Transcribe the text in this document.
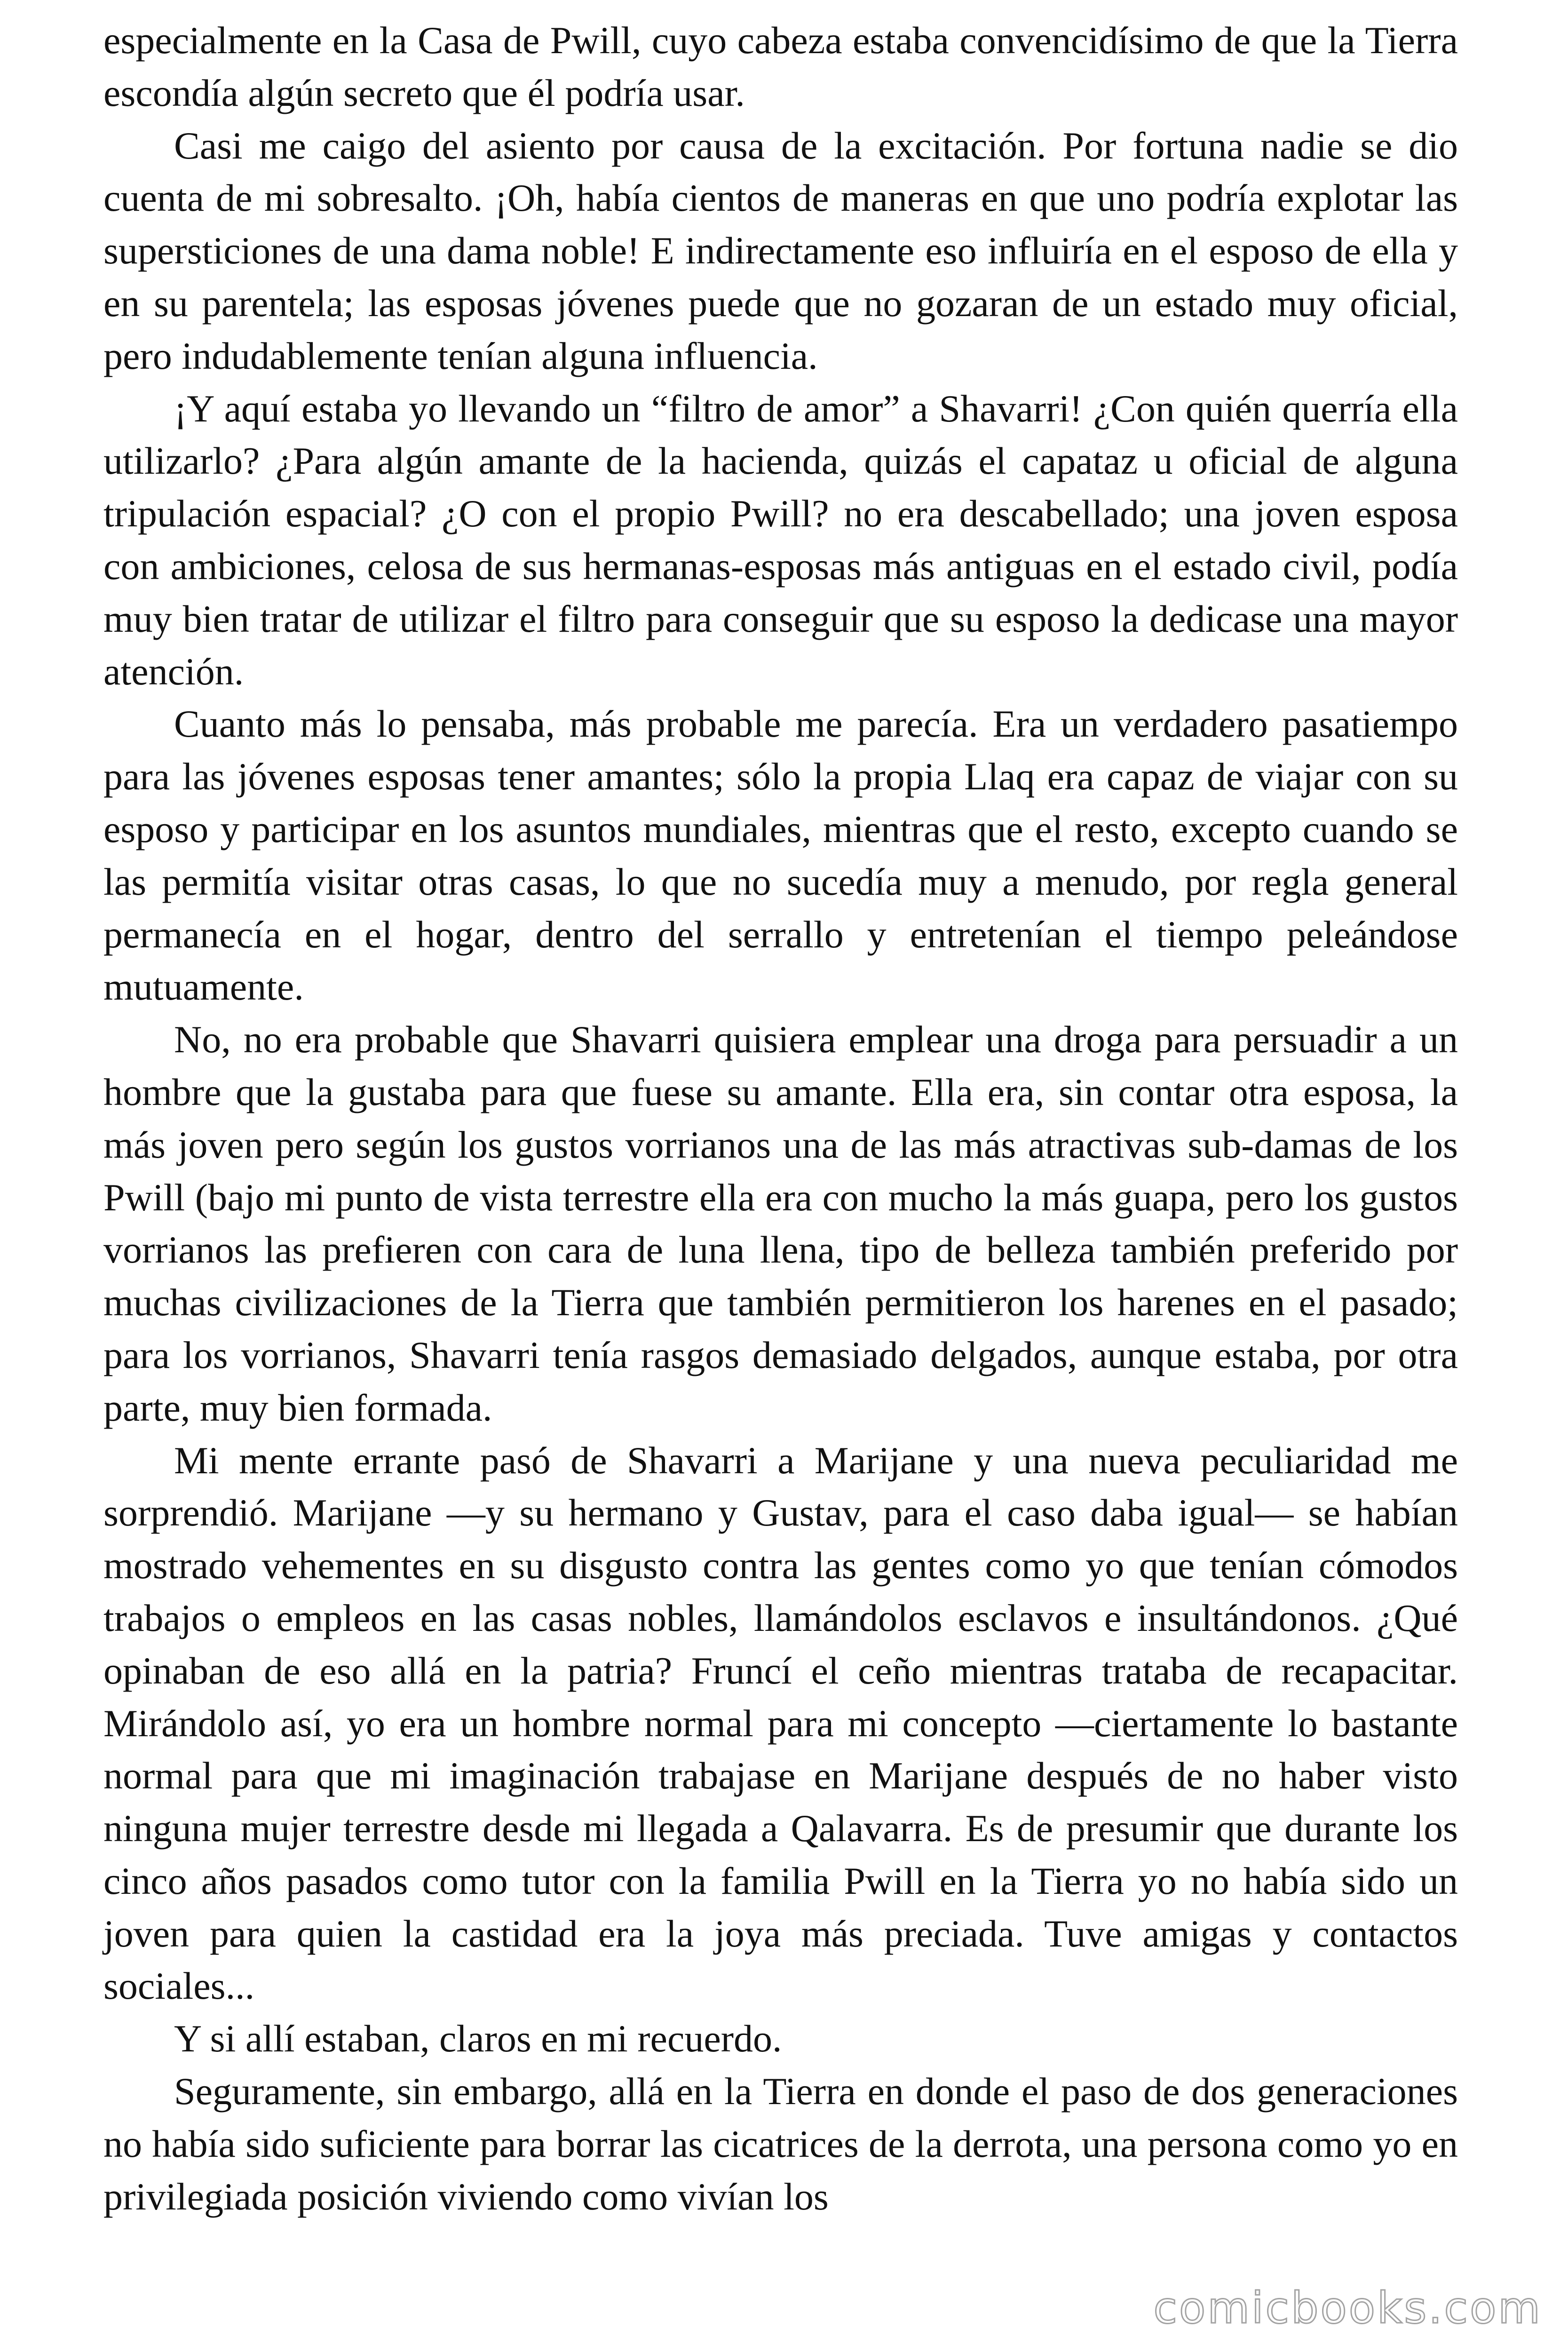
especialmente en la Casa de Pwill, cuyo cabeza estaba convencidísimo de que la Tierra escondía algún secreto que él podría usar.

Casi me caigo del asiento por causa de la excitación. Por fortuna nadie se dio cuenta de mi sobresalto. ¡Oh, había cientos de maneras en que uno podría explotar las supersticiones de una dama noble! E indirectamente eso influiría en el esposo de ella y en su parentela; las esposas jóvenes puede que no gozaran de un estado muy oficial, pero indudablemente tenían alguna influencia.

¡Y aquí estaba yo llevando un “filtro de amor” a Shavarri! ¿Con quién querría ella utilizarlo? ¿Para algún amante de la hacienda, quizás el capataz u oficial de alguna tripulación espacial? ¿O con el propio Pwill? no era descabellado; una joven esposa con ambiciones, celosa de sus hermanas-esposas más antiguas en el estado civil, podía muy bien tratar de utilizar el filtro para conseguir que su esposo la dedicase una mayor atención.

Cuanto más lo pensaba, más probable me parecía. Era un verdadero pasatiempo para las jóvenes esposas tener amantes; sólo la propia Llaq era capaz de viajar con su esposo y participar en los asuntos mundiales, mientras que el resto, excepto cuando se las permitía visitar otras casas, lo que no sucedía muy a menudo, por regla general permanecía en el hogar, dentro del serrallo y entretenían el tiempo peleándose mutuamente.

No, no era probable que Shavarri quisiera emplear una droga para persuadir a un hombre que la gustaba para que fuese su amante. Ella era, sin contar otra esposa, la más joven pero según los gustos vorrianos una de las más atractivas sub-damas de los Pwill (bajo mi punto de vista terrestre ella era con mucho la más guapa, pero los gustos vorrianos las prefieren con cara de luna llena, tipo de belleza también preferido por muchas civilizaciones de la Tierra que también permitieron los harenes en el pasado; para los vorrianos, Shavarri tenía rasgos demasiado delgados, aunque estaba, por otra parte, muy bien formada.

Mi mente errante pasó de Shavarri a Marijane y una nueva peculiaridad me sorprendió. Marijane —y su hermano y Gustav, para el caso daba igual— se habían mostrado vehementes en su disgusto contra las gentes como yo que tenían cómodos trabajos o empleos en las casas nobles, llamándolos esclavos e insultándonos. ¿Qué opinaban de eso allá en la patria? Fruncí el ceño mientras trataba de recapacitar. Mirándolo así, yo era un hombre normal para mi concepto —ciertamente lo bastante normal para que mi imaginación trabajase en Marijane después de no haber visto ninguna mujer terrestre desde mi llegada a Qalavarra. Es de presumir que durante los cinco años pasados como tutor con la familia Pwill en la Tierra yo no había sido un joven para quien la castidad era la joya más preciada. Tuve amigas y contactos sociales...

Y si allí estaban, claros en mi recuerdo.

Seguramente, sin embargo, allá en la Tierra en donde el paso de dos generaciones no había sido suficiente para borrar las cicatrices de la derrota, una persona como yo en privilegiada posición viviendo como vivían los

comicbooks.com
